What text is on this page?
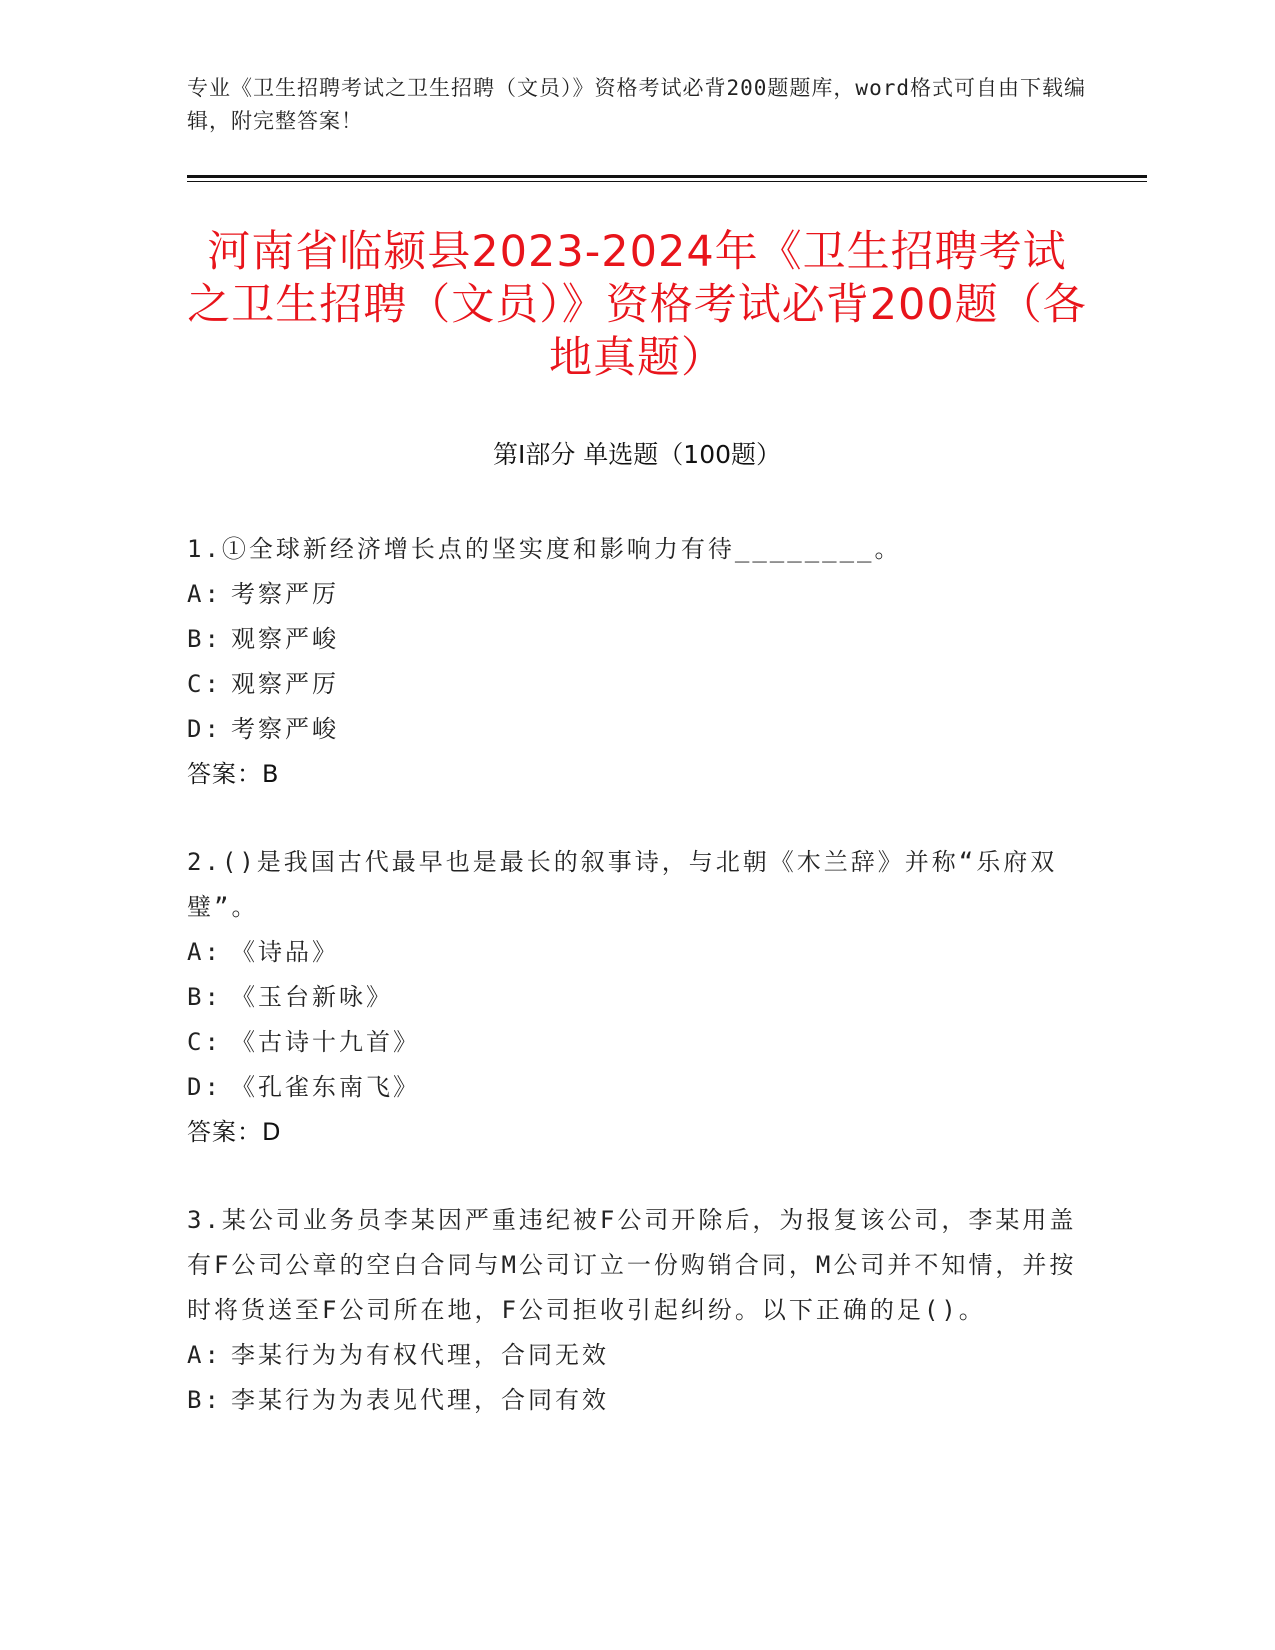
专业《卫生招聘考试之卫生招聘（文员）》资格考试必背200题题库，word格式可自由下载编辑，附完整答案！
河南省临颍县2023-2024年《卫生招聘考试之卫生招聘（文员）》资格考试必背200题（各地真题）
第Ⅰ部分 单选题（100题）

1.①全球新经济增长点的坚实度和影响力有待________。

A: 考察严厉
B: 观察严峻
C: 观察严厉
D: 考察严峻

答案：B

2.()是我国古代最早也是最长的叙事诗，与北朝《木兰辞》并称“乐府双璧”。

A: 《诗品》
B: 《玉台新咏》
C: 《古诗十九首》
D: 《孔雀东南飞》

答案：D

3.某公司业务员李某因严重违纪被F公司开除后，为报复该公司，李某用盖有F公司公章的空白合同与M公司订立一份购销合同，M公司并不知情，并按时将货送至F公司所在地，F公司拒收引起纠纷。以下正确的足()。

A: 李某行为为有权代理，合同无效
B: 李某行为为表见代理，合同有效
